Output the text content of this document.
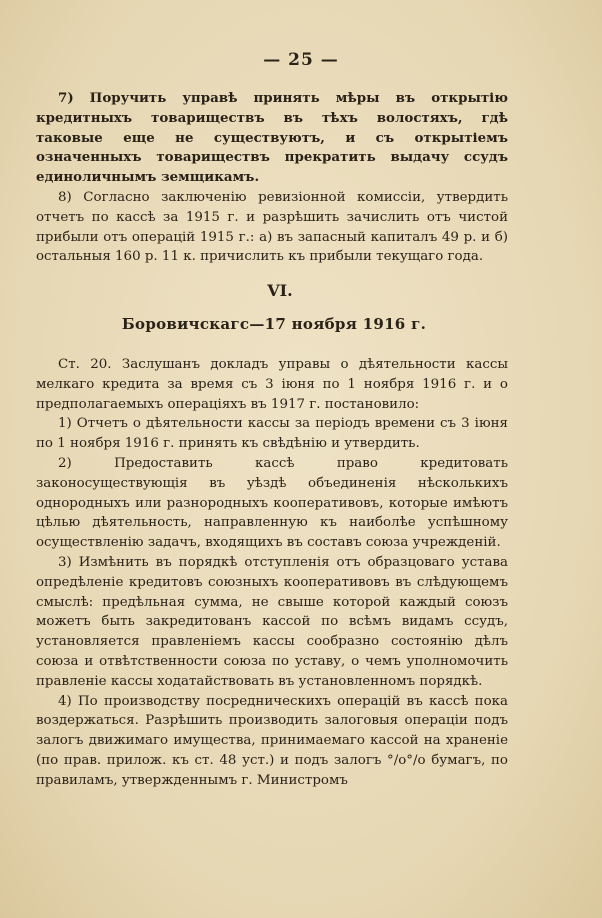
— 25 —

7) Поручить управѣ принять мѣры въ открытію кредитныхъ товариществъ въ тѣхъ волостяхъ, гдѣ таковые еще не существуютъ, и съ открытіемъ означенныхъ товариществъ прекратить выдачу ссудъ единоличнымъ земщикамъ.

8) Согласно заключенію ревизіонной комиссіи, утвердить отчетъ по кассѣ за 1915 г. и разрѣшить зачислить отъ чистой прибыли отъ операцій 1915 г.: а) въ запасный капиталъ 49 р. и б) остальныя 160 р. 11 к. причислить къ прибыли текущаго года.

VI.
Боровичскагс—17 ноября 1916 г.

Ст. 20. Заслушанъ докладъ управы о дѣятельности кассы мелкаго кредита за время съ 3 іюня по 1 ноября 1916 г. и о предполагаемыхъ операціяхъ въ 1917 г. постановило:

1) Отчетъ о дѣятельности кассы за періодъ времени съ 3 іюня по 1 ноября 1916 г. принять къ свѣдѣнію и утвердить.

2) Предоставить кассѣ право кредитовать законосуществующія въ уѣздѣ объединенія нѣсколькихъ однородныхъ или разнородныхъ кооперативовъ, которые имѣютъ цѣлью дѣятельность, направленную къ наиболѣе успѣшному осуществленію задачъ, входящихъ въ составъ союза учрежденій.

3) Измѣнить въ порядкѣ отступленія отъ образцоваго устава опредѣленіе кредитовъ союзныхъ кооперативовъ въ слѣдующемъ смыслѣ: предѣльная сумма, не свыше которой каждый союзъ можетъ быть закредитованъ кассой по всѣмъ видамъ ссудъ, установляется правленіемъ кассы сообразно состоянію дѣлъ союза и отвѣтственности союза по уставу, о чемъ уполномочить правленіе кассы ходатайствовать въ установленномъ порядкѣ.

4) По производству посредническихъ операцій въ кассѣ пока воздержаться. Разрѣшить производить залоговыя операціи подъ залогъ движимаго имущества, принимаемаго кассой на храненіе (по прав. прилож. къ ст. 48 уст.) и подъ залогъ °/о°/о бумагъ, по правиламъ, утвержденнымъ г. Министромъ
